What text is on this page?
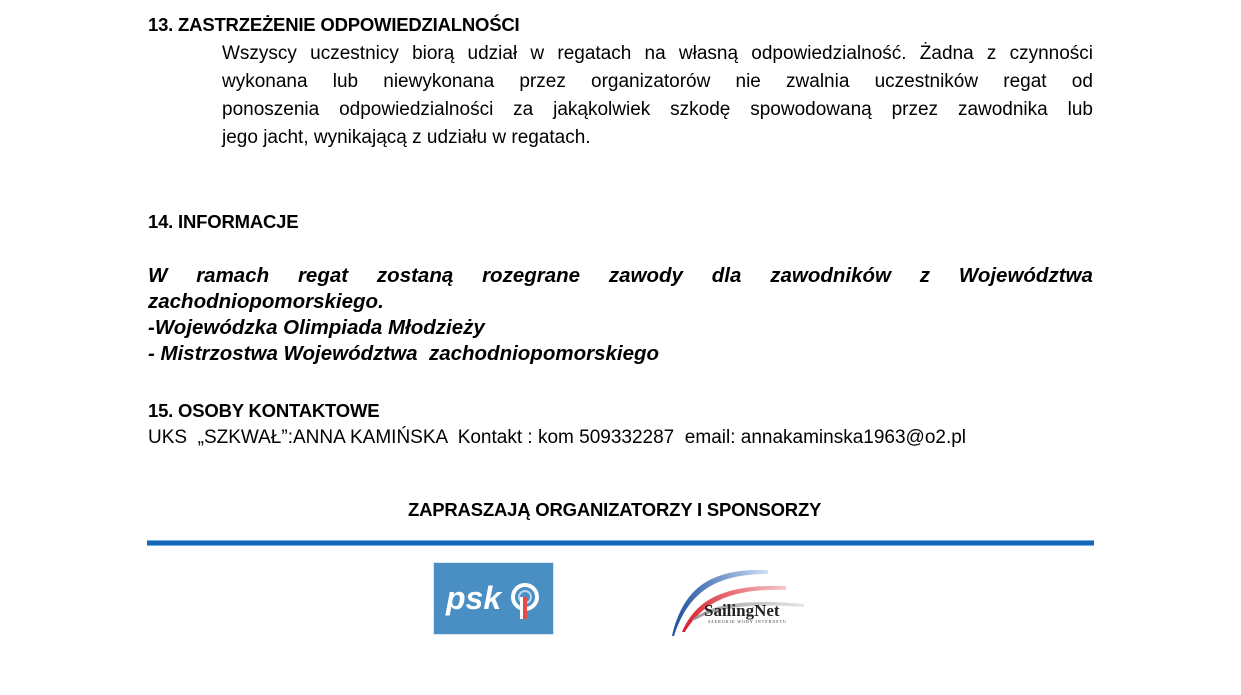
13. ZASTRZEŻENIE ODPOWIEDZIALNOŚCI
Wszyscy uczestnicy biorą udział w regatach na własną odpowiedzialność. Żadna z czynności
wykonana lub niewykonana przez organizatorów nie zwalnia uczestników regat od
ponoszenia odpowiedzialności za jakąkolwiek szkodę spowodowaną przez zawodnika lub
jego jacht, wynikającą z udziału w regatach.
14. INFORMACJE
W ramach regat zostaną rozegrane zawody dla zawodników z Województwa
zachodniopomorskiego.
-Wojewódzka Olimpiada Młodzieży
- Mistrzostwa Województwa  zachodniopomorskiego
15. OSOBY KONTAKTOWE
UKS  „SZKWAŁ”:ANNA KAMIŃSKA  Kontakt : kom 509332287  email: annakaminska1963@o2.pl
ZAPRASZAJĄ ORGANIZATORZY I SPONSORZY
psk	SailingNet
SZEROKIE WODY INTERNETU
